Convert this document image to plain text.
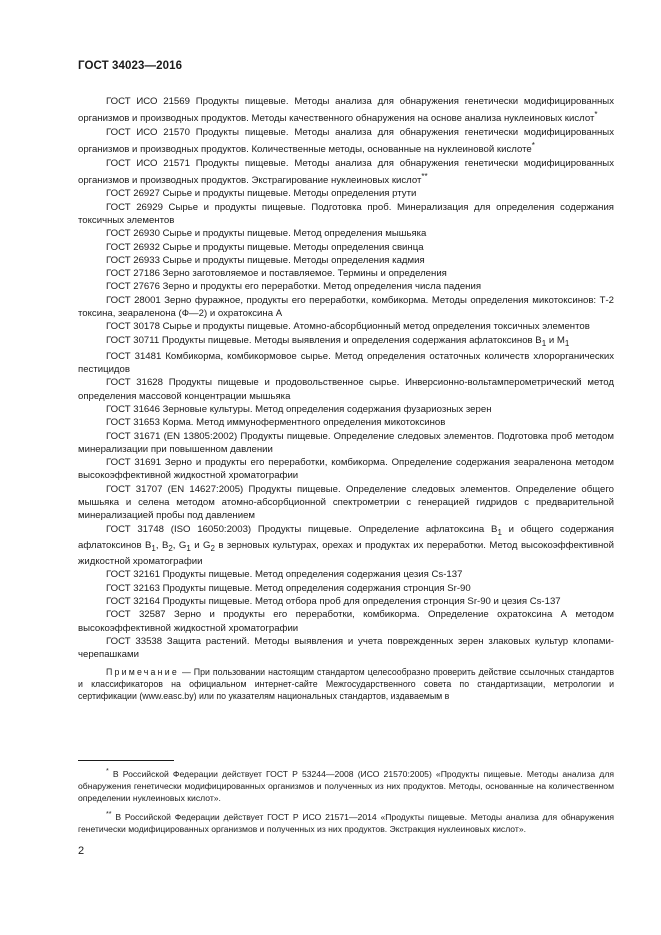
ГОСТ 34023—2016

ГОСТ ИСО 21569 Продукты пищевые. Методы анализа для обнаружения генетически модифицированных организмов и производных продуктов. Методы качественного обнаружения на основе анализа нуклеиновых кислот*

ГОСТ ИСО 21570 Продукты пищевые. Методы анализа для обнаружения генетически модифицированных организмов и производных продуктов. Количественные методы, основанные на нуклеиновой кислоте*

ГОСТ ИСО 21571 Продукты пищевые. Методы анализа для обнаружения генетически модифицированных организмов и производных продуктов. Экстрагирование нуклеиновых кислот**

ГОСТ 26927 Сырье и продукты пищевые. Методы определения ртути

ГОСТ 26929 Сырье и продукты пищевые. Подготовка проб. Минерализация для определения содержания токсичных элементов

ГОСТ 26930 Сырье и продукты пищевые. Метод определения мышьяка

ГОСТ 26932 Сырье и продукты пищевые. Методы определения свинца

ГОСТ 26933 Сырье и продукты пищевые. Методы определения кадмия

ГОСТ 27186 Зерно заготовляемое и поставляемое. Термины и определения

ГОСТ 27676 Зерно и продукты его переработки. Метод определения числа падения

ГОСТ 28001 Зерно фуражное, продукты его переработки, комбикорма. Методы определения микотоксинов: Т-2 токсина, зеараленона (Ф—2) и охратоксина А

ГОСТ 30178 Сырье и продукты пищевые. Атомно-абсорбционный метод определения токсичных элементов

ГОСТ 30711 Продукты пищевые. Методы выявления и определения содержания афлатоксинов $В_1$ и $М_1$

ГОСТ 31481 Комбикорма, комбикормовое сырье. Метод определения остаточных количеств хлорорганических пестицидов

ГОСТ 31628 Продукты пищевые и продовольственное сырье. Инверсионно-вольтамперометрический метод определения массовой концентрации мышьяка

ГОСТ 31646 Зерновые культуры. Метод определения содержания фузариозных зерен

ГОСТ 31653 Корма. Метод иммуноферментного определения микотоксинов

ГОСТ 31671 (EN 13805:2002) Продукты пищевые. Определение следовых элементов. Подготовка проб методом минерализации при повышенном давлении

ГОСТ 31691 Зерно и продукты его переработки, комбикорма. Определение содержания зеараленона методом высокоэффективной жидкостной хроматографии

ГОСТ 31707 (EN 14627:2005) Продукты пищевые. Определение следовых элементов. Определение общего мышьяка и селена методом атомно-абсорбционной спектрометрии с генерацией гидридов с предварительной минерализацией пробы под давлением

ГОСТ 31748 (ISO 16050:2003) Продукты пищевые. Определение афлатоксина $В_1$ и общего содержания афлатоксинов $В_1$, $В_2$, $G_1$ и $G_2$ в зерновых культурах, орехах и продуктах их переработки. Метод высокоэффективной жидкостной хроматографии

ГОСТ 32161 Продукты пищевые. Метод определения содержания цезия Cs-137

ГОСТ 32163 Продукты пищевые. Метод определения содержания стронция Sr-90

ГОСТ 32164 Продукты пищевые. Метод отбора проб для определения стронция Sr-90 и цезия Cs-137

ГОСТ 32587 Зерно и продукты его переработки, комбикорма. Определение охратоксина А методом высокоэффективной жидкостной хроматографии

ГОСТ 33538 Защита растений. Методы выявления и учета поврежденных зерен злаковых культур клопами-черепашками

Примечание — При пользовании настоящим стандартом целесообразно проверить действие ссылочных стандартов и классификаторов на официальном интернет-сайте Межгосударственного совета по стандартизации, метрологии и сертификации (www.easc.by) или по указателям национальных стандартов, издаваемым в

* В Российской Федерации действует ГОСТ Р 53244—2008 (ИСО 21570:2005) «Продукты пищевые. Методы анализа для обнаружения генетически модифицированных организмов и полученных из них продуктов. Методы, основанные на количественном определении нуклеиновых кислот».

** В Российской Федерации действует ГОСТ Р ИСО 21571—2014 «Продукты пищевые. Методы анализа для обнаружения генетически модифицированных организмов и полученных из них продуктов. Экстракция нуклеиновых кислот».

2
